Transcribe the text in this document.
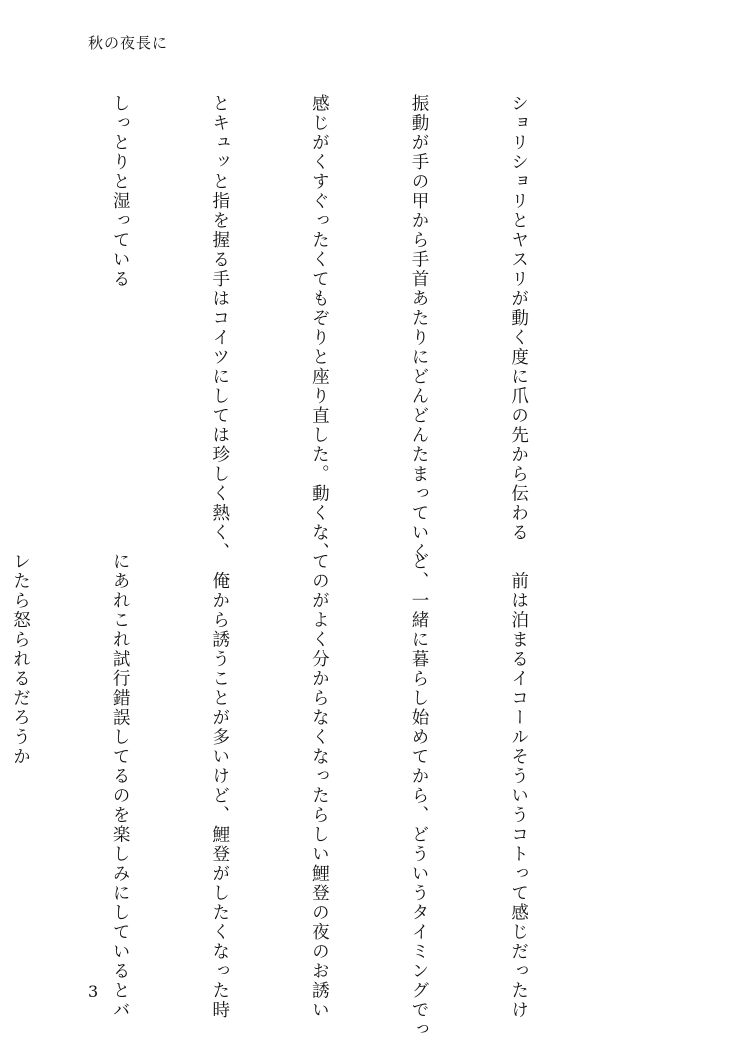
秋の夜長に

ショリショリとヤスリが動く度に爪の先から伝わる

振動が手の甲から手首あたりにどんどんたまっていく

感じがくすぐったくてもぞりと座り直した。動くな、

とキュッと指を握る手はコイツにしては珍しく熱く、

しっとりと湿っている

　前は泊まるイコールそういうコトって感じだったけ

ど、一緒に暮らし始めてから、どういうタイミングでっ

てのがよく分からなくなったらしい鯉登の夜のお誘い

　俺から誘うことが多いけど、鯉登がしたくなった時

にあれこれ試行錯誤してるのを楽しみにしているとバ

レたら怒られるだろうか

3
